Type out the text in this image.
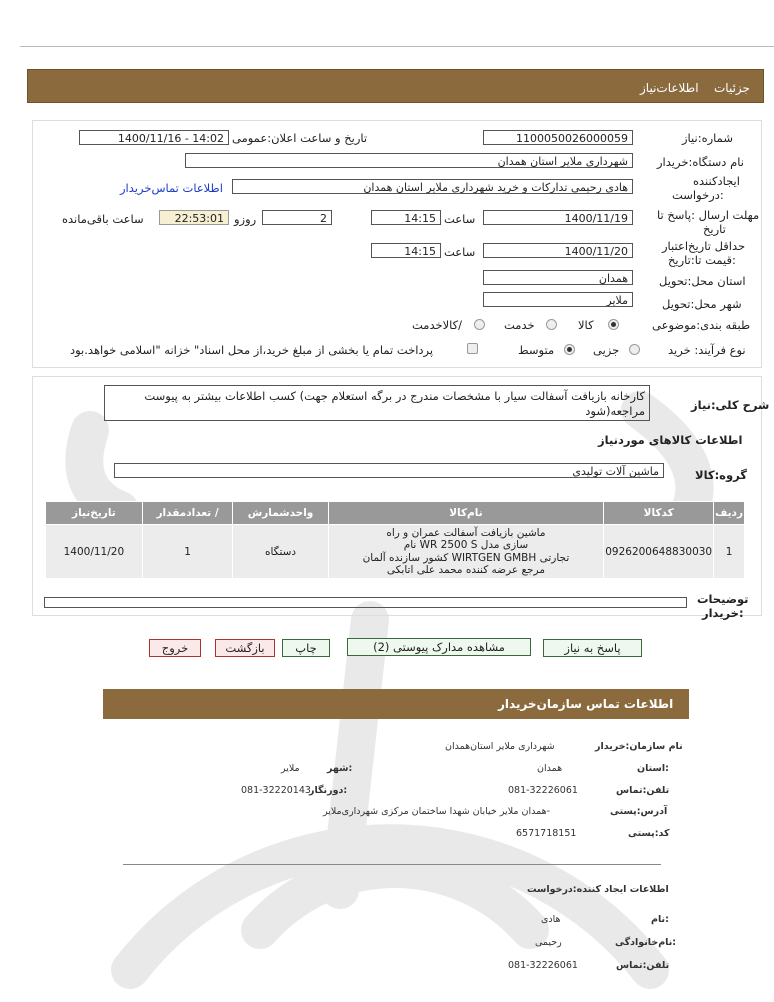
جزئیات
اطلاعات‌نیاز
شماره:نیاز
1100050026000059
تاریخ و ساعت اعلان:عمومی
1400/11/16 - 14:02
نام دستگاه:خریدار
شهرداری ملایر استان همدان
ایجادکننده
:درخواست
هادی رحیمی تدارکات و خرید شهرداری ملایر استان همدان
اطلاعات تماس‌خریدار
مهلت ارسال :پاسخ تا
تاریخ
1400/11/19
ساعت
14:15
2
روزو
22:53:01
ساعت باقی‌مانده
حداقل تاریخ‌اعتبار
:قیمت تا:تاریخ
1400/11/20
ساعت
14:15
استان محل:تحویل
همدان
شهر محل:تحویل
ملایر
طبقه بندی:موضوعی
کالا
خدمت
/کالاخدمت
نوع فرآیند: خرید
جزیی
متوسط
پرداخت تمام یا بخشی از مبلغ خرید،از محل اسناد" خزانه "اسلامی خواهد.بود
شرح کلی:نیاز
کارخانه بازیافت آسفالت سیار با مشخصات مندرج در برگه استعلام جهت) کسب اطلاعات بیشتر به پیوست مراجعه(شود
اطلاعات کالاهای موردنیاز
گروه:کالا
ماشین آلات تولیدی
ردیف	کدکالا	نام‌کالا	واحدشمارش	/ تعدادمقدار	تاریخ‌نیاز
1	0926200648830030	ماشین بازیافت آسفالت عمران و راه
سازی مدل WR 2500 S نام
تجارتی WIRTGEN GMBH کشور سازنده آلمان
مرجع عرضه کننده محمد علی اتابکی	دستگاه	1	1400/11/20
توضیحات
:خریدار
پاسخ به نیاز
مشاهده مدارک پیوستی (2)
چاپ
بازگشت
خروج
اطلاعات تماس سازمان‌خریدار
نام سازمان:خریدار
شهرداری ملایر استان‌همدان
:استان
همدان
:شهر
ملایر
تلفن:تماس
081-32226061
:دورنگار
081-32220143
آدرس:پستی
-همدان ملایر خیابان شهدا ساختمان مرکزی شهرداری‌ملایر
کد:پستی
6571718151
اطلاعات ایجاد کننده:درخواست
:نام
هادی
:نام‌خانوادگی
رحیمی
تلفن:تماس
081-32226061
